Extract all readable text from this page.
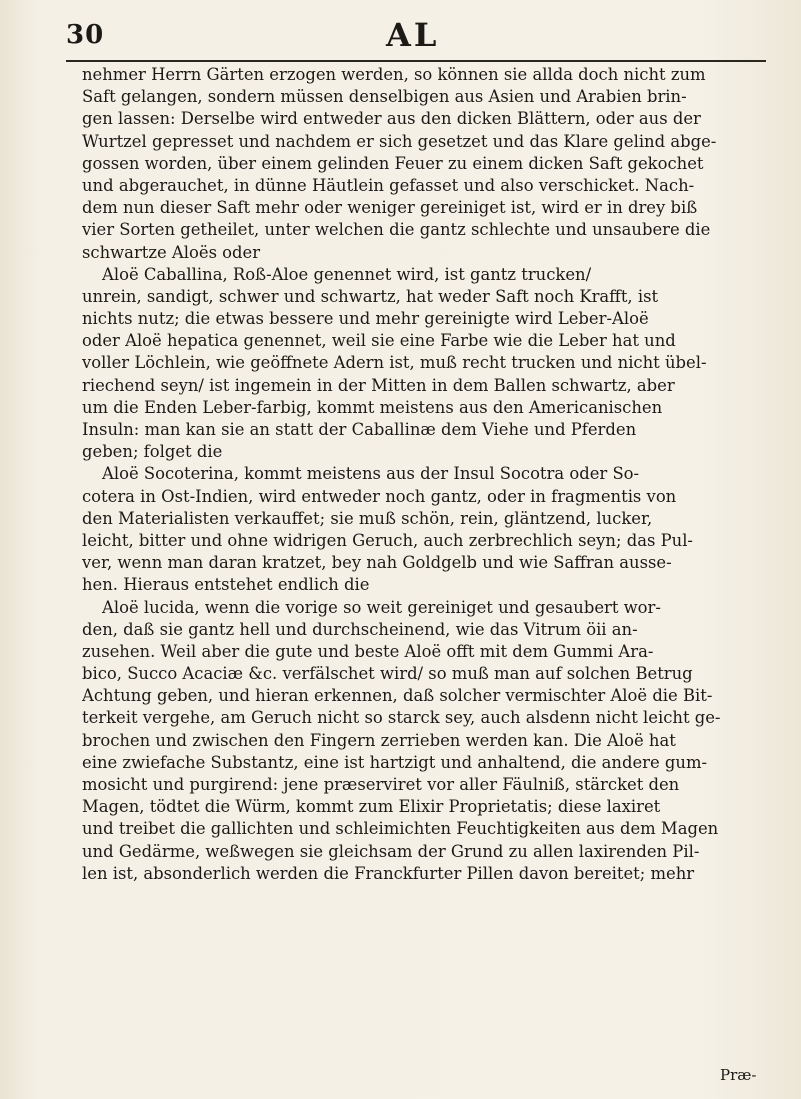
30	AL
nehmer Herrn Gärten erzogen werden, so können sie allda doch nicht zum
Saft gelangen, sondern müssen denselbigen aus Asien und Arabien brin-
gen lassen: Derselbe wird entweder aus den dicken Blättern, oder aus der
Wurtzel gepresset und nachdem er sich gesetzet und das Klare gelind abge-
gossen worden, über einem gelinden Feuer zu einem dicken Saft gekochet
und abgerauchet, in dünne Häutlein gefasset und also verschicket. Nach-
dem nun dieser Saft mehr oder weniger gereiniget ist, wird er in drey biß
vier Sorten getheilet, unter welchen die gantz schlechte und unsaubere die
schwartze Aloës oder
Aloë Caballina, Roß-Aloe genennet wird, ist gantz trucken/
unrein, sandigt, schwer und schwartz, hat weder Saft noch Krafft, ist
nichts nutz; die etwas bessere und mehr gereinigte wird Leber-Aloë
oder Aloë hepatica genennet, weil sie eine Farbe wie die Leber hat und
voller Löchlein, wie geöffnete Adern ist, muß recht trucken und nicht übel-
riechend seyn/ ist ingemein in der Mitten in dem Ballen schwartz, aber
um die Enden Leber-farbig, kommt meistens aus den Americanischen
Insuln: man kan sie an statt der Caballinæ dem Viehe und Pferden
geben; folget die
Aloë Socoterina, kommt meistens aus der Insul Socotra oder So-
cotera in Ost-Indien, wird entweder noch gantz, oder in fragmentis von
den Materialisten verkauffet; sie muß schön, rein, gläntzend, lucker,
leicht, bitter und ohne widrigen Geruch, auch zerbrechlich seyn; das Pul-
ver, wenn man daran kratzet, bey nah Goldgelb und wie Saffran ausse-
hen. Hieraus entstehet endlich die
Aloë lucida, wenn die vorige so weit gereiniget und gesaubert wor-
den, daß sie gantz hell und durchscheinend, wie das Vitrum öii an-
zusehen. Weil aber die gute und beste Aloë offt mit dem Gummi Ara-
bico, Succo Acaciæ &c. verfälschet wird/ so muß man auf solchen Betrug
Achtung geben, und hieran erkennen, daß solcher vermischter Aloë die Bit-
terkeit vergehe, am Geruch nicht so starck sey, auch alsdenn nicht leicht ge-
brochen und zwischen den Fingern zerrieben werden kan. Die Aloë hat
eine zwiefache Substantz, eine ist hartzigt und anhaltend, die andere gum-
mosicht und purgirend: jene præserviret vor aller Fäulniß, stärcket den
Magen, tödtet die Würm, kommt zum Elixir Proprietatis; diese laxiret
und treibet die gallichten und schleimichten Feuchtigkeiten aus dem Magen
und Gedärme, weßwegen sie gleichsam der Grund zu allen laxirenden Pil-
len ist, absonderlich werden die Franckfurter Pillen davon bereitet; mehr
Præ-
